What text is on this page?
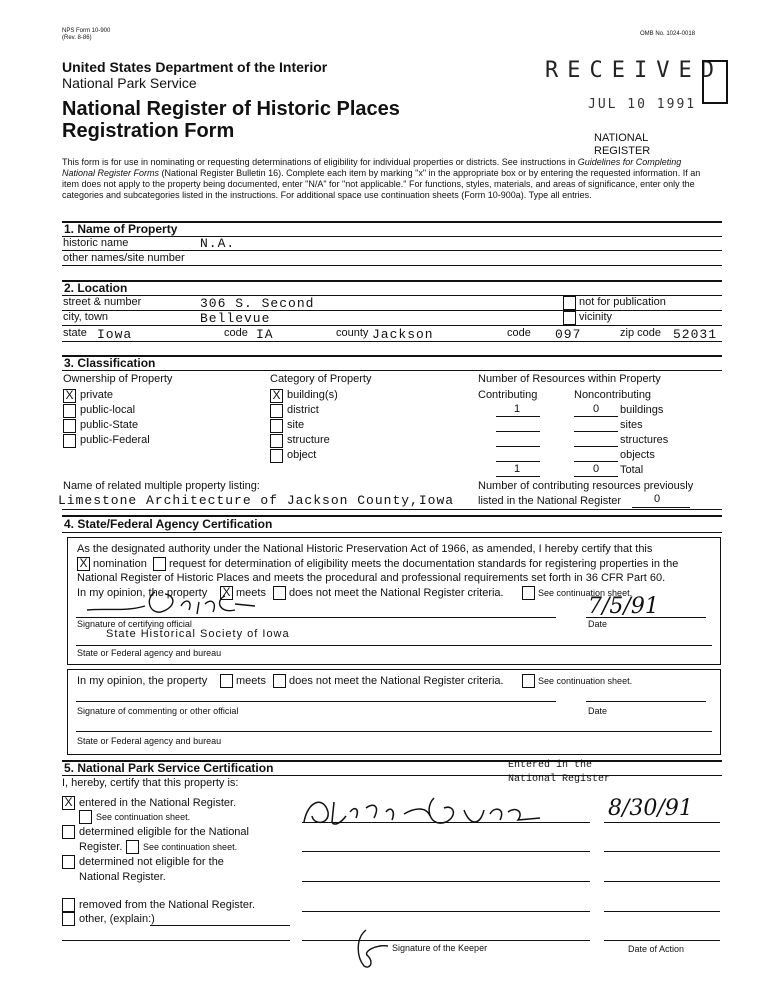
NPS Form 10-900
(Rev. 8-86)
OMB No. 1024-0018
United States Department of the Interior
National Park Service
National Register of Historic Places
Registration Form
RECEIVED
JUL 10 1991
NATIONAL
REGISTER
This form is for use in nominating or requesting determinations of eligibility for individual properties or districts. See instructions in Guidelines for Completing National Register Forms (National Register Bulletin 16). Complete each item by marking "x" in the appropriate box or by entering the requested information. If an item does not apply to the property being documented, enter "N/A" for "not applicable." For functions, styles, materials, and areas of significance, enter only the categories and subcategories listed in the instructions. For additional space use continuation sheets (Form 10-900a). Type all entries.
1. Name of Property
historic name	N.A.
other names/site number
2. Location
street & number	306 S. Second	not for publication
city, town	Bellevue	vicinity
state Iowa	code IA	county Jackson	code 097	zip code 52031
3. Classification
Ownership of Property
X private
public-local
public-State
public-Federal
Category of Property
X building(s)
district
site
structure
object
Number of Resources within Property
Contributing	Noncontributing
1	0	buildings
sites
structures
objects
1	0	Total
Name of related multiple property listing:
Limestone Architecture of Jackson County,Iowa
Number of contributing resources previously
listed in the National Register	0
4. State/Federal Agency Certification
As the designated authority under the National Historic Preservation Act of 1966, as amended, I hereby certify that this
X nomination request for determination of eligibility meets the documentation standards for registering properties in the
National Register of Historic Places and meets the procedural and professional requirements set forth in 36 CFR Part 60.
In my opinion, the property X meets does not meet the National Register criteria.	See continuation sheet.
7/5/91
Signature of certifying official	Date
State Historical Society of Iowa
State or Federal agency and bureau
In my opinion, the property	meets does not meet the National Register criteria.	See continuation sheet.
Signature of commenting or other official	Date
State or Federal agency and bureau
5. National Park Service Certification
I, hereby, certify that this property is:
Entered in the
National Register
X entered in the National Register.
See continuation sheet.
determined eligible for the National
Register. See continuation sheet.
determined not eligible for the
National Register.
removed from the National Register.
other, (explain:)
8/30/91
Signature of the Keeper	Date of Action
